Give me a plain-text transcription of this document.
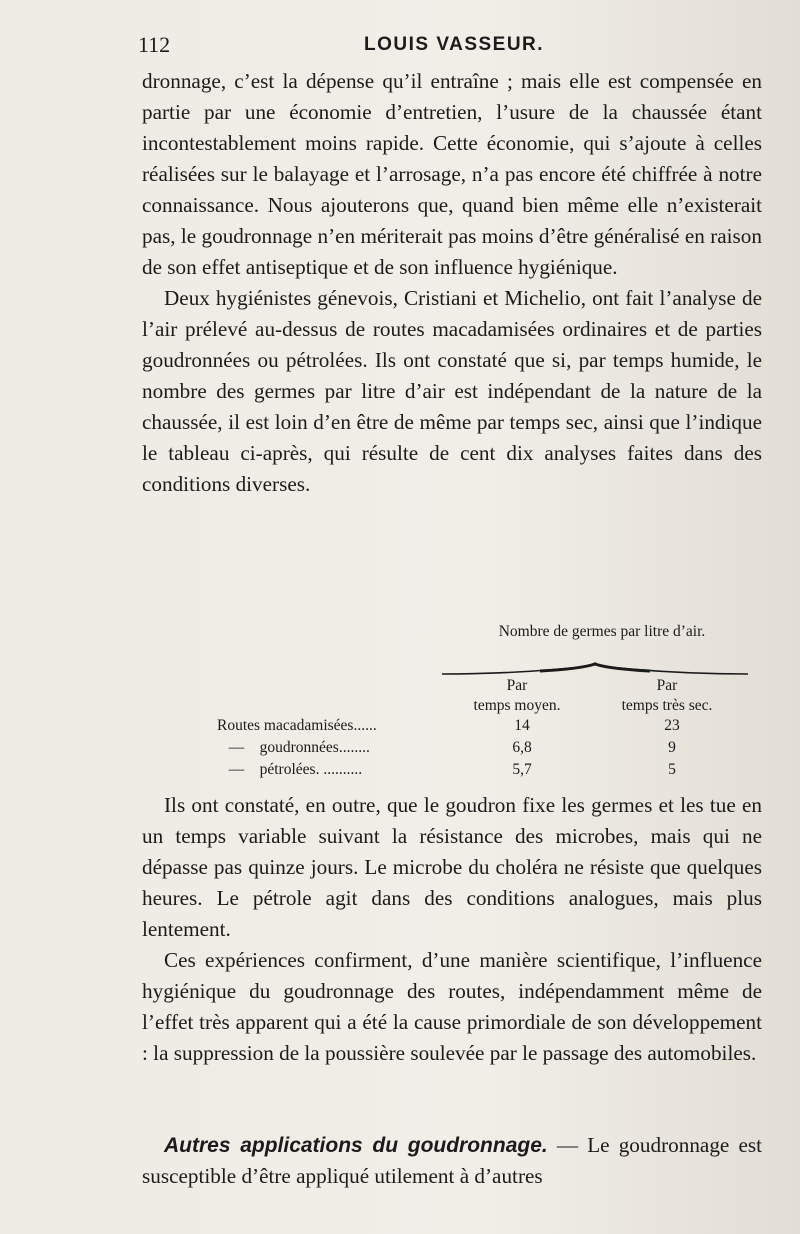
112	LOUIS VASSEUR.

dronnage, c’est la dépense qu’il entraîne ; mais elle est compensée en partie par une économie d’entretien, l’usure de la chaussée étant incontestablement moins rapide. Cette économie, qui s’ajoute à celles réalisées sur le balayage et l’arrosage, n’a pas encore été chiffrée à notre connaissance. Nous ajouterons que, quand bien même elle n’existerait pas, le goudronnage n’en mériterait pas moins d’être généralisé en raison de son effet antiseptique et de son influence hygiénique.

Deux hygiénistes génevois, Cristiani et Michelio, ont fait l’analyse de l’air prélevé au-dessus de routes macadamisées ordinaires et de parties goudronnées ou pétrolées. Ils ont constaté que si, par temps humide, le nombre des germes par litre d’air est indépendant de la nature de la chaussée, il est loin d’en être de même par temps sec, ainsi que l’indique le tableau ci-après, qui résulte de cent dix analyses faites dans des conditions diverses.

Nombre de germes par litre d’air.
Par
temps moyen.
Par
temps très sec.
Routes macadamisées......	14	23
—    goudronnées........	6,8	9
—    pétrolées. ..........	5,7	5

Ils ont constaté, en outre, que le goudron fixe les germes et les tue en un temps variable suivant la résistance des microbes, mais qui ne dépasse pas quinze jours. Le microbe du choléra ne résiste que quelques heures. Le pétrole agit dans des conditions analogues, mais plus lentement.

Ces expériences confirment, d’une manière scientifique, l’influence hygiénique du goudronnage des routes, indépendamment même de l’effet très apparent qui a été la cause primordiale de son développement : la suppression de la poussière soulevée par le passage des automobiles.

Autres applications du goudronnage. — Le goudronnage est susceptible d’être appliqué utilement à d’autres
